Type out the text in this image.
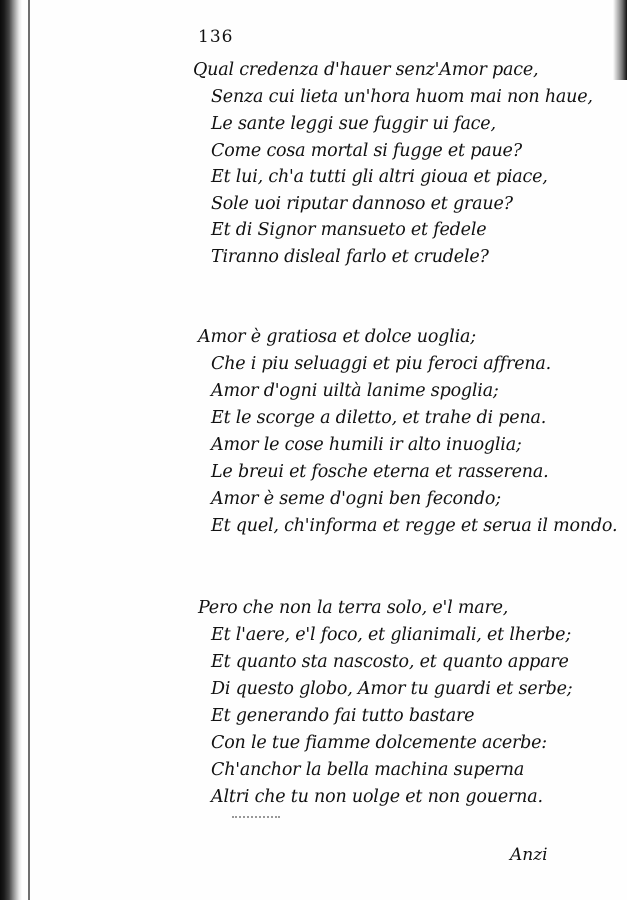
136
Qual credenza d'hauer senz'Amor pace,
Senza cui lieta un'hora huom mai non haue,
Le sante leggi sue fuggir ui face,
Come cosa mortal si fugge et paue?
Et lui, ch'a tutti gli altri gioua et piace,
Sole uoi riputar dannoso et graue?
Et di Signor mansueto et fedele
Tiranno disleal farlo et crudele?
Amor è gratiosa et dolce uoglia;
Che i piu seluaggi et piu feroci affrena.
Amor d'ogni uiltà lanime spoglia;
Et le scorge a diletto, et trahe di pena.
Amor le cose humili ir alto inuoglia;
Le breui et fosche eterna et rasserena.
Amor è seme d'ogni ben fecondo;
Et quel, ch'informa et regge et serua il mondo.
Pero che non la terra solo, e'l mare,
Et l'aere, e'l foco, et glianimali, et lherbe;
Et quanto sta nascosto, et quanto appare
Di questo globo, Amor tu guardi et serbe;
Et generando fai tutto bastare
Con le tue fiamme dolcemente acerbe:
Ch'anchor la bella machina superna
Altri che tu non uolge et non gouerna.
Anzi
